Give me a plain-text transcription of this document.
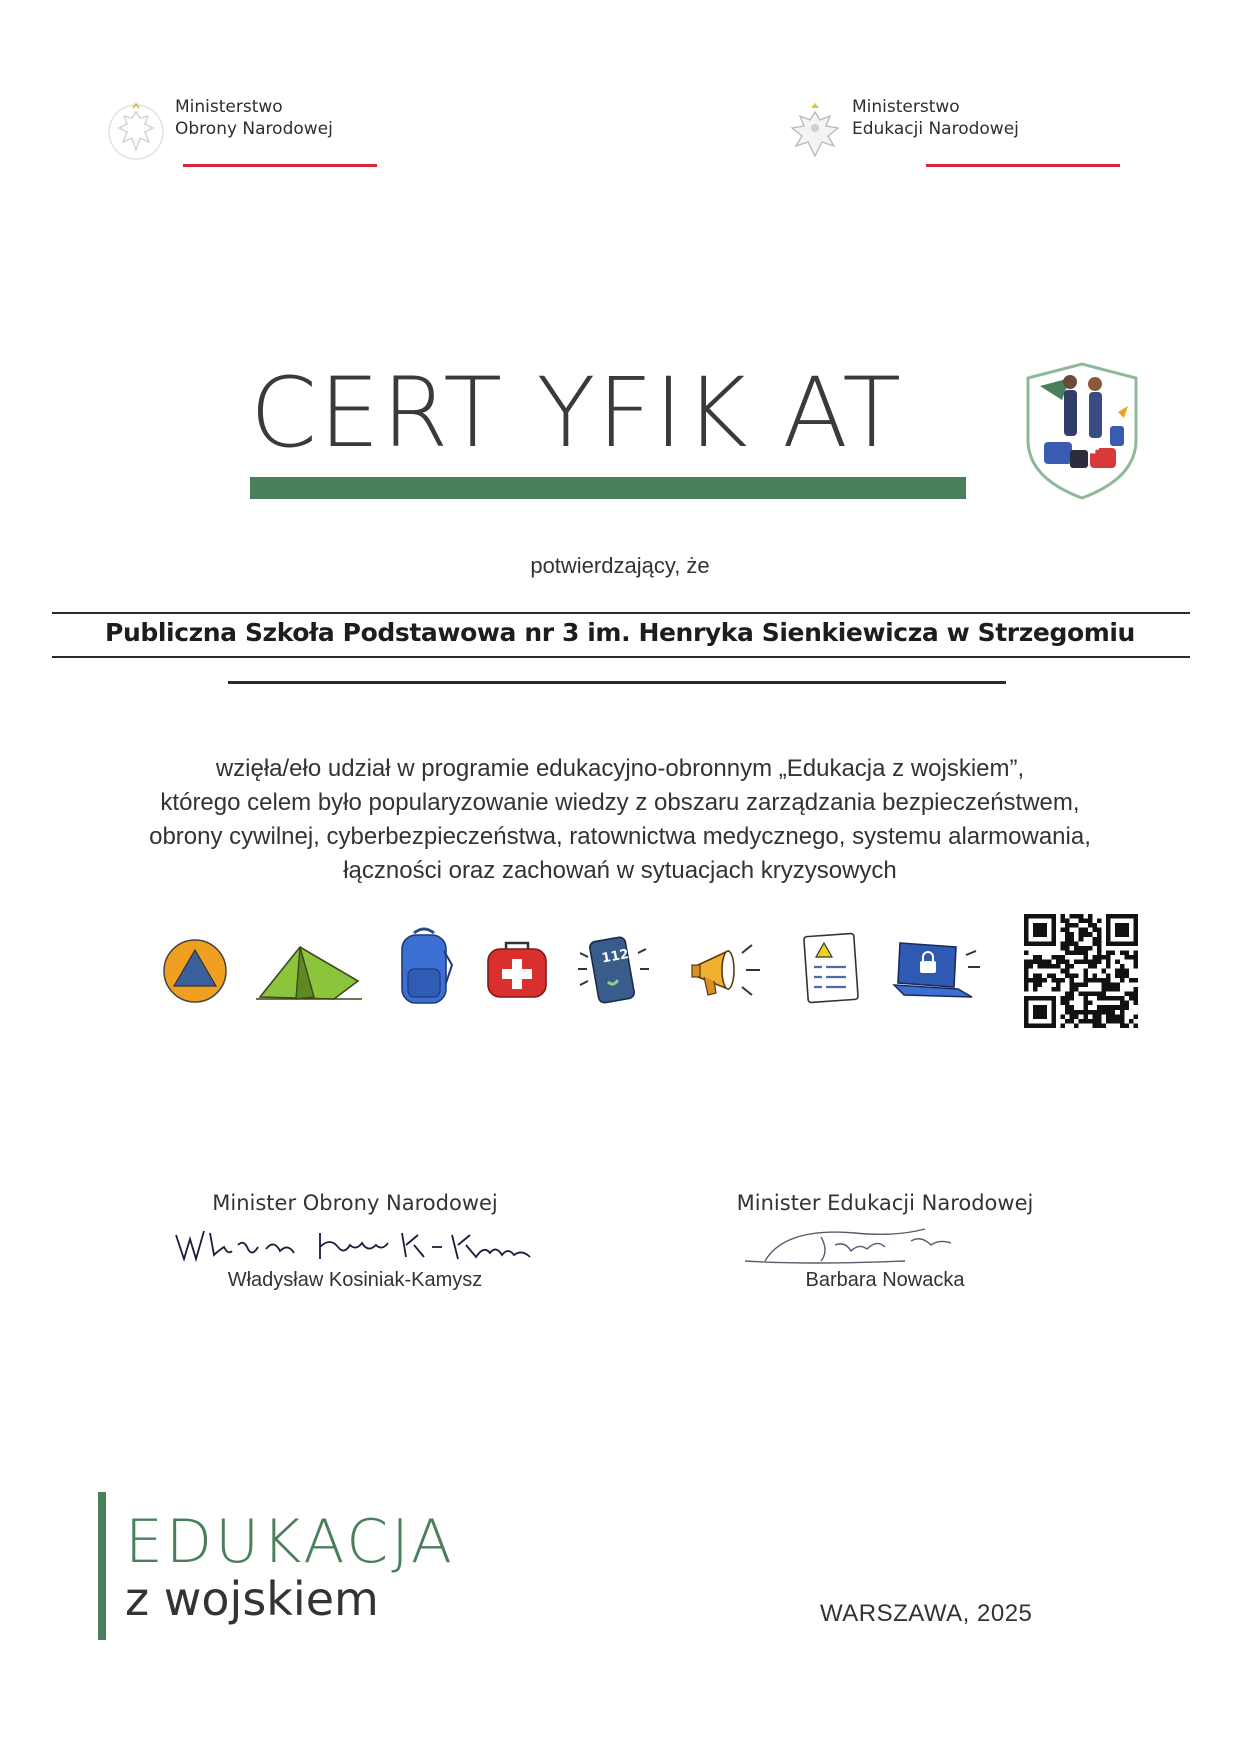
Ministerstwo
Obrony Narodowej
Ministerstwo
Edukacji Narodowej
CERT YFIK AT
potwierdzający, że
Publiczna Szkoła Podstawowa nr 3 im. Henryka Sienkiewicza w Strzegomiu
wzięła/eło udział w programie edukacyjno-obronnym „Edukacja z wojskiem”,
którego celem było popularyzowanie wiedzy z obszaru zarządzania bezpieczeństwem,
obrony cywilnej, cyberbezpieczeństwa, ratownictwa medycznego, systemu alarmowania,
łączności oraz zachowań w sytuacjach kryzysowych
112
Minister Obrony Narodowej
Władysław Kosiniak-Kamysz
Minister Edukacji Narodowej
Barbara Nowacka
EDUKACJA
z wojskiem	WARSZAWA, 2025
